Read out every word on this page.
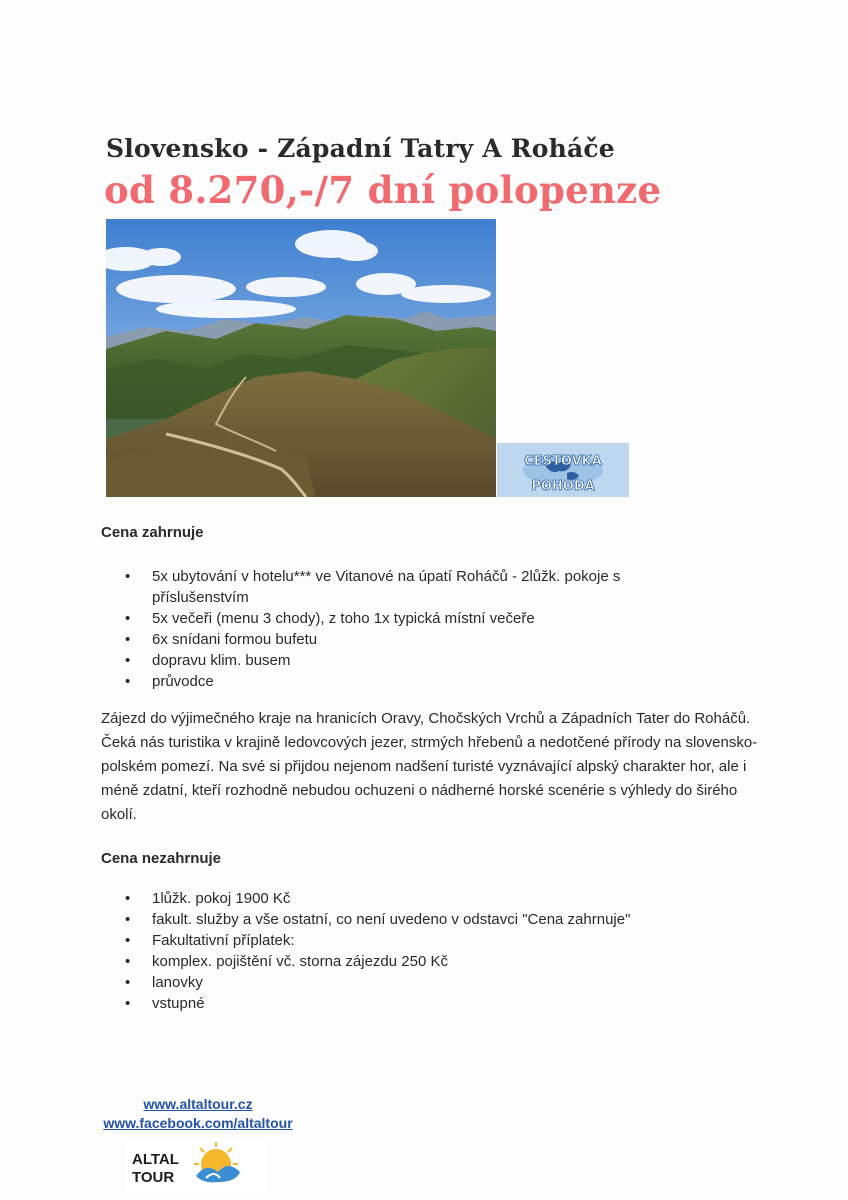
Slovensko - Západní Tatry A Roháče
od 8.270,-/7 dní polopenze
CESTOVKA
POHODA
Cena zahrnuje
• 5x ubytování v hotelu*** ve Vitanové na úpatí Roháčů - 2lůžk. pokoje s příslušenstvím
• 5x večeři (menu 3 chody), z toho 1x typická místní večeře
• 6x snídani formou bufetu
• dopravu klim. busem
• průvodce

Zájezd do výjimečného kraje na hranicích Oravy, Chočských Vrchů a Západních Tater do Roháčů. Čeká nás turistika v krajině ledovcových jezer, strmých hřebenů a nedotčené přírody na slovensko-polském pomezí. Na své si přijdou nejenom nadšení turisté vyznávající alpský charakter hor, ale i méně zdatní, kteří rozhodně nebudou ochuzeni o nádherné horské scenérie s výhledy do širého okolí.

Cena nezahrnuje
• 1lůžk. pokoj 1900 Kč
• fakult. služby a vše ostatní, co není uvedeno v odstavci "Cena zahrnuje"
• Fakultativní příplatek:
• komplex. pojištění vč. storna zájezdu 250 Kč
• lanovky
• vstupné
www.altaltour.cz
www.facebook.com/altaltour
ALTAL
TOUR
